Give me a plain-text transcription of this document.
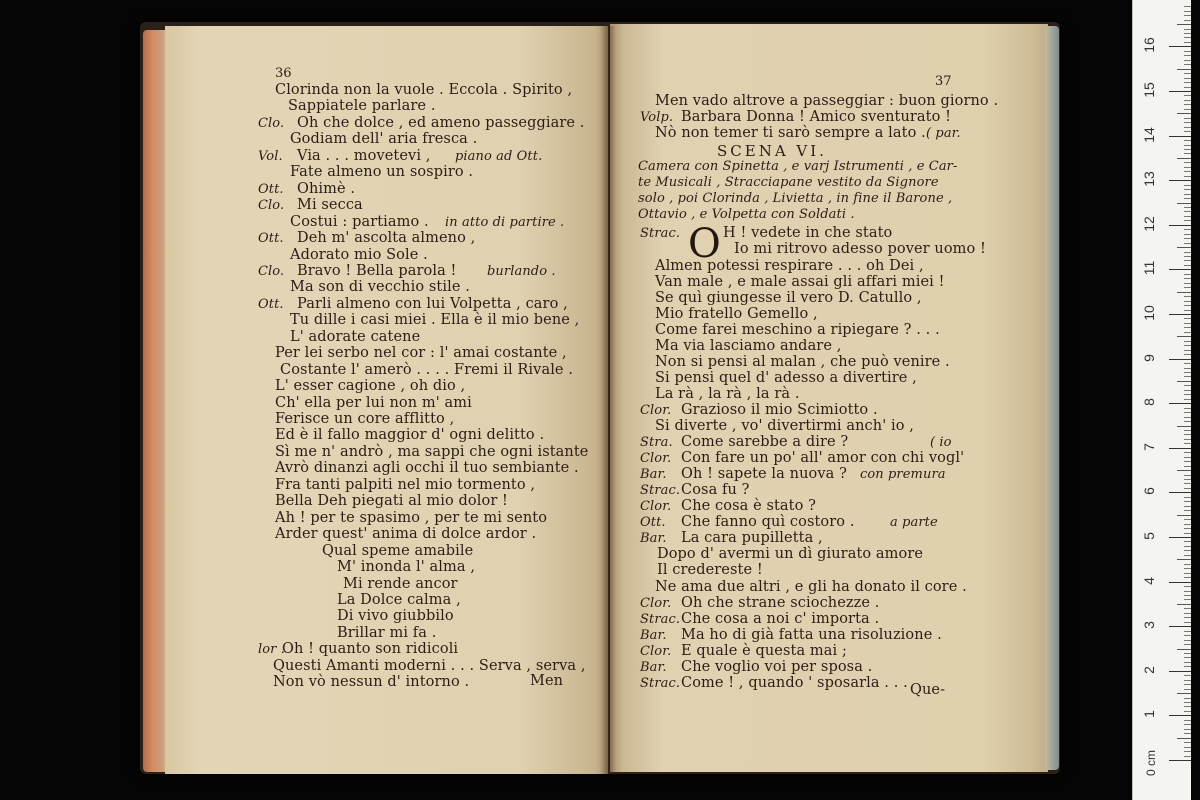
36
37
Men
Que-
O
Clorinda non la vuole . Eccola . Spirito ,
Sappiatele parlare .
Clo. Oh che dolce , ed ameno passeggiare .
Godiam dell' aria fresca .
Vol. Via . . . movetevi , piano ad Ott.
Fate almeno un sospiro .
Ott. Ohimè .
Clo. Mi secca
Costui : partiamo . in atto di partire .
Ott. Deh m' ascolta almeno ,
Adorato mio Sole .
Clo. Bravo ! Bella parola ! burlando .
Ma son di vecchio stile .
Ott. Parli almeno con lui Volpetta , caro ,
Tu dille i casi miei . Ella è il mio bene ,
L' adorate catene
Per lei serbo nel cor : l' amai costante ,
Costante l' amerò . . . . Fremi il Rivale .
L' esser cagione , oh dio ,
Ch' ella per lui non m' ami
Ferisce un core afflitto ,
Ed è il fallo maggior d' ogni delitto .
Sì me n' andrò , ma sappi che ogni istante
Avrò dinanzi agli occhi il tuo sembiante .
Fra tanti palpiti nel mio tormento ,
Bella Deh piegati al mio dolor !
Ah ! per te spasimo , per te mi sento
Arder quest' anima di dolce ardor .
Qual speme amabile
M' inonda l' alma ,
Mi rende ancor
La Dolce calma ,
Di vivo giubbilo
Brillar mi fa .
lor .
Oh ! quanto son ridicoli
Questi Amanti moderni . . . Serva , serva ,
Non vò nessun d' intorno .
Men vado altrove a passeggiar : buon giorno .
Volp. Barbara Donna ! Amico sventurato !
Nò non temer ti sarò sempre a lato . ( par.
SCENA VI.
Camera con Spinetta , e varj Istrumenti , e Car-
te Musicali , Stracciapane vestito da Signore
solo , poi Clorinda , Livietta , in fine il Barone ,
Ottavio , e Volpetta con Soldati .
Strac.	H ! vedete in che stato
Io mi ritrovo adesso pover uomo !
Almen potessi respirare . . . oh Dei ,
Van male , e male assai gli affari miei !
Se quì giungesse il vero D. Catullo ,
Mio fratello Gemello ,
Come farei meschino a ripiegare ? . . .
Ma via lasciamo andare ,
Non si pensi al malan , che può venire .
Si pensi quel d' adesso a divertire ,
La rà , la rà , la rà .
Clor. Grazioso il mio Scimiotto .
Si diverte , vo' divertirmi anch' io ,
Stra. Come sarebbe a dire ?	( io
Clor. Con fare un po' all' amor con chi vogl'
Bar. Oh ! sapete la nuova ? con premura
Strac. Cosa fu ?
Clor. Che cosa è stato ?
Ott. Che fanno quì costoro .	a parte
Bar. La cara pupilletta ,
Dopo d' avermi un dì giurato amore
Il credereste !
Ne ama due altri , e gli ha donato il core .
Clor. Oh che strane sciochezze .
Strac. Che cosa a noi c' importa .
Bar. Ma ho di già fatta una risoluzione .
Clor. E quale è questa mai ;
Bar. Che voglio voi per sposa .
Strac. Come ! , quando ' sposarla . . .
0 cm
1
2
3
4
5
6
7
8
9
10
11
12
13
14
15
16
